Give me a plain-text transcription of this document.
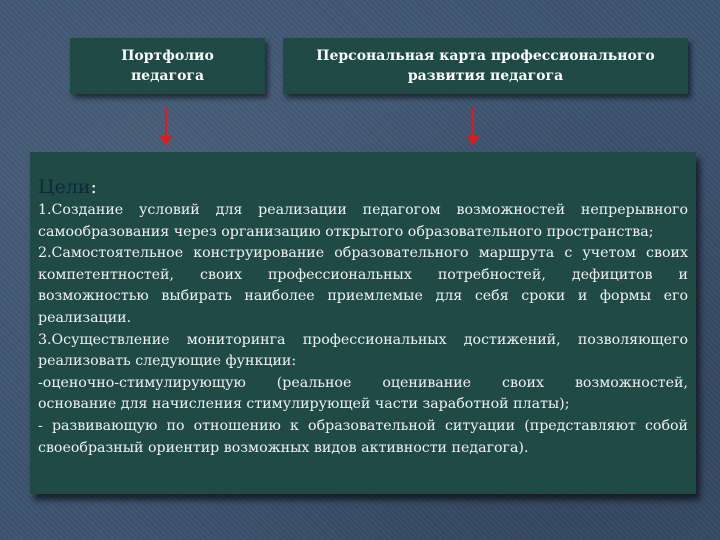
Портфолио
педагога
Персональная карта профессионального
развития педагога
Цели:
1.Создание условий для реализации педагогом возможностей непрерывного
самообразования через организацию открытого образовательного пространства;
2.Самостоятельное конструирование образовательного маршрута с учетом своих
компетентностей, своих профессиональных потребностей, дефицитов и
возможностью выбирать наиболее приемлемые для себя сроки и формы его
реализации.
3.Осуществление мониторинга профессиональных достижений, позволяющего
реализовать следующие функции:
-оценочно-стимулирующую (реальное оценивание своих возможностей,
основание для начисления стимулирующей части заработной платы);
- развивающую по отношению к образовательной ситуации (представляют собой
своеобразный ориентир возможных видов активности педагога).
